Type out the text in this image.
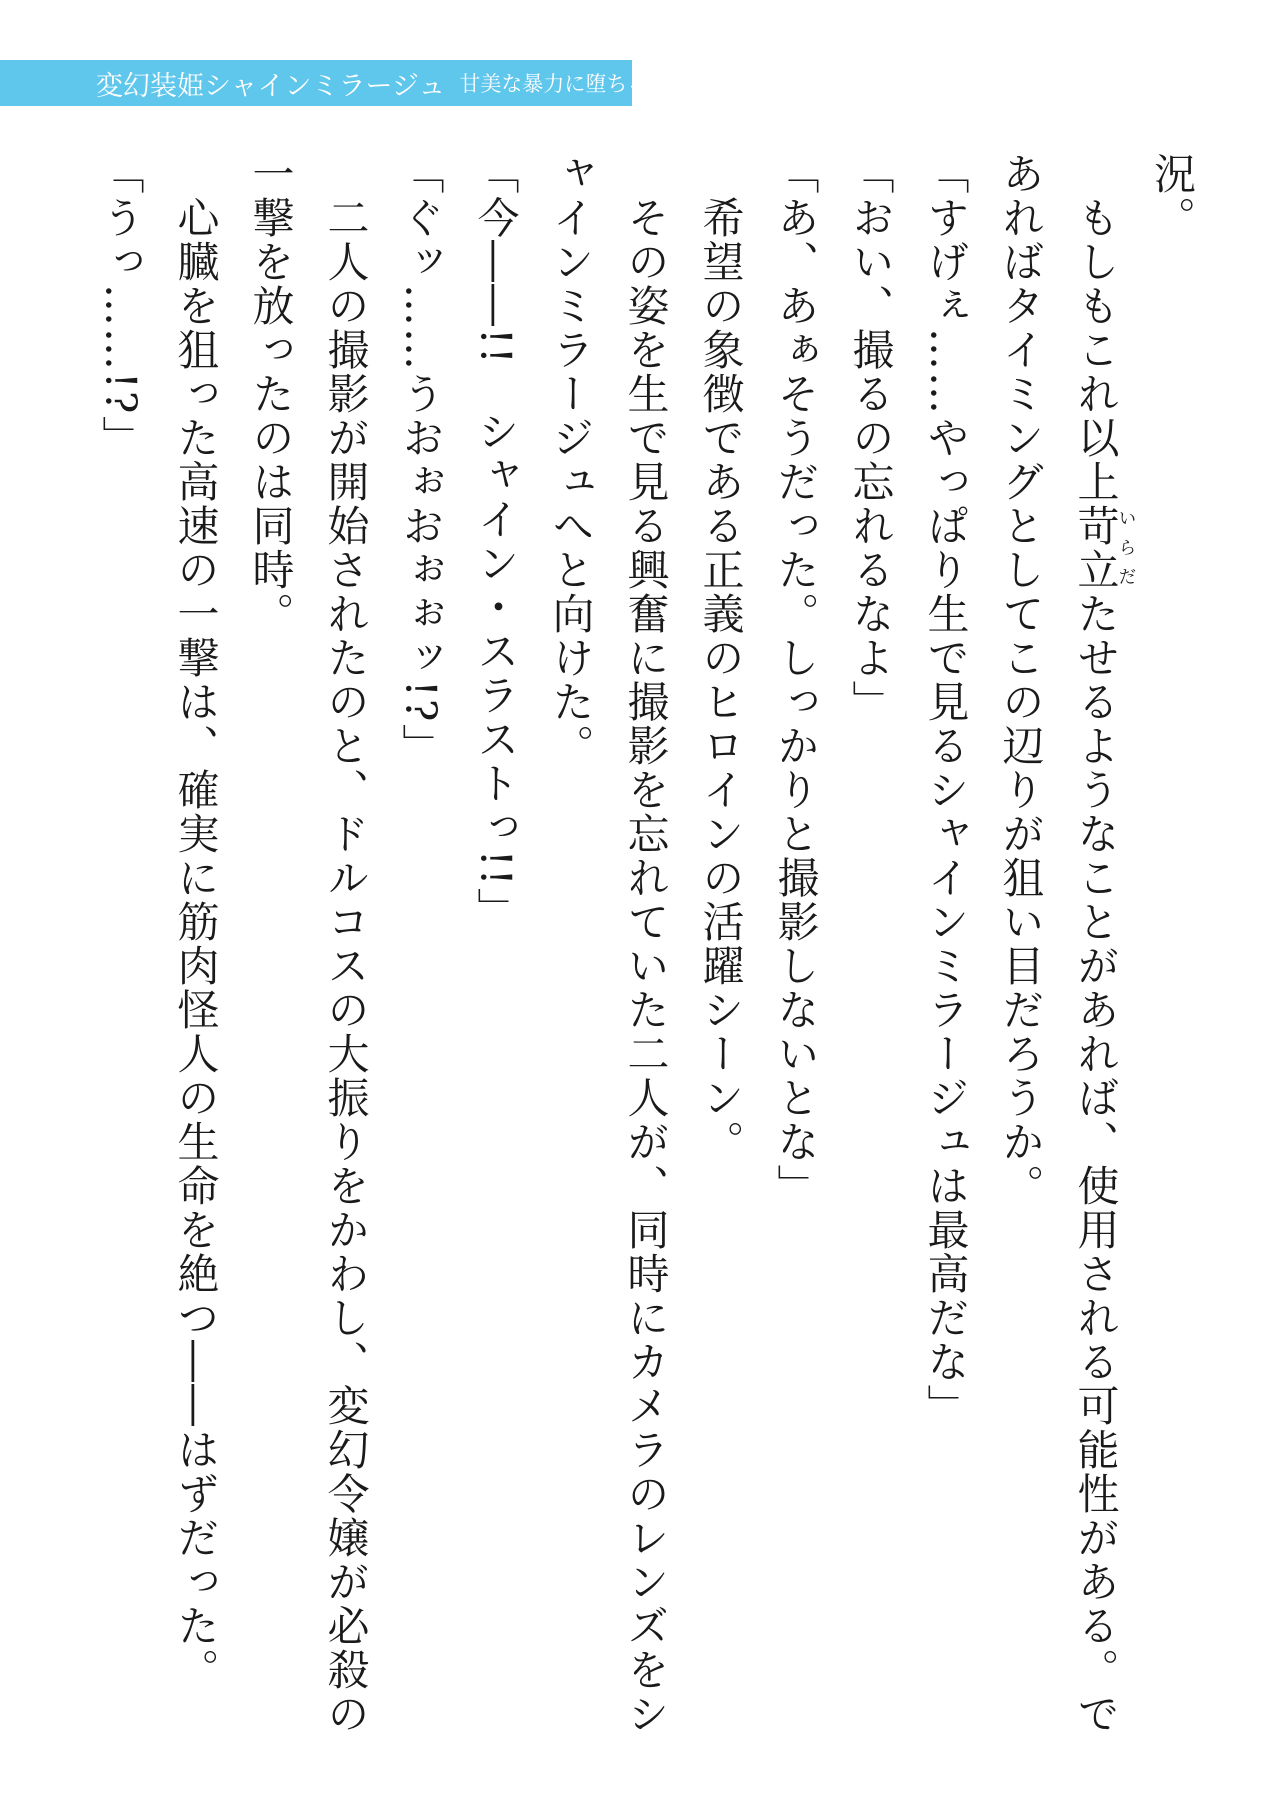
変幻装姫シャインミラージュ 甘美な暴力に堕ちる正義

況。

　もしもこれ以上苛立いらだたせるようなことがあれば、使用される可能性がある。であればタイミングとしてこの辺りが狙い目だろうか。

「すげぇ……やっぱり生で見るシャインミラージュは最高だな」

「おい、撮るの忘れるなよ」

「あ、あぁそうだった。しっかりと撮影しないとな」

　希望の象徴である正義のヒロインの活躍シーン。

　その姿を生で見る興奮に撮影を忘れていた二人が、同時にカメラのレンズをシャインミラージュへと向けた。

「今――!!　シャイン・スラストっ!!」

「ぐッ……うおぉおぉぉッ!?」

　二人の撮影が開始されたのと、ドルコスの大振りをかわし、変幻令嬢が必殺の一撃を放ったのは同時。

　心臓を狙った高速の一撃は、確実に筋肉怪人の生命を絶つ――はずだった。

「うっ……!?」
